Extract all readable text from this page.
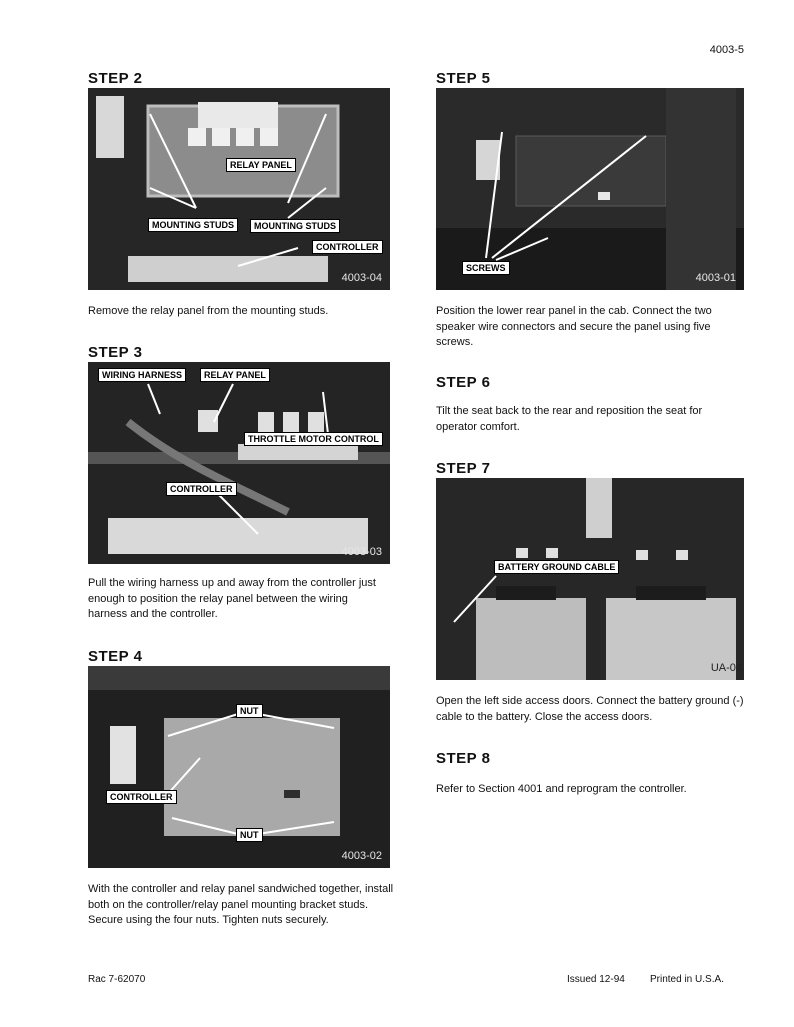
4003-5
STEP 2
RELAY PANEL
MOUNTING STUDS	MOUNTING STUDS
CONTROLLER
4003-04
Remove the relay panel from the mounting studs.
STEP 3
WIRING HARNESS	RELAY PANEL
THROTTLE MOTOR CONTROL
CONTROLLER
4003-03
Pull the wiring harness up and away from the controller just enough to position the relay panel between the wiring harness and the controller.
STEP 4
NUT
CONTROLLER
NUT
4003-02
With the controller and relay panel sandwiched together, install both on the controller/relay panel mounting bracket studs. Secure using the four nuts. Tighten nuts securely.
STEP 5
SCREWS
4003-01
Position the lower rear panel in the cab. Connect the two speaker wire connectors and secure the panel using five screws.
STEP 6
Tilt the seat back to the rear and reposition the seat for operator comfort.
STEP 7
BATTERY GROUND CABLE
UA-03
Open the left side access doors. Connect the battery ground (-) cable to the battery. Close the access doors.
STEP 8
Refer to Section 4001 and reprogram the controller.
Rac 7-62070	Issued 12-94	Printed in U.S.A.
